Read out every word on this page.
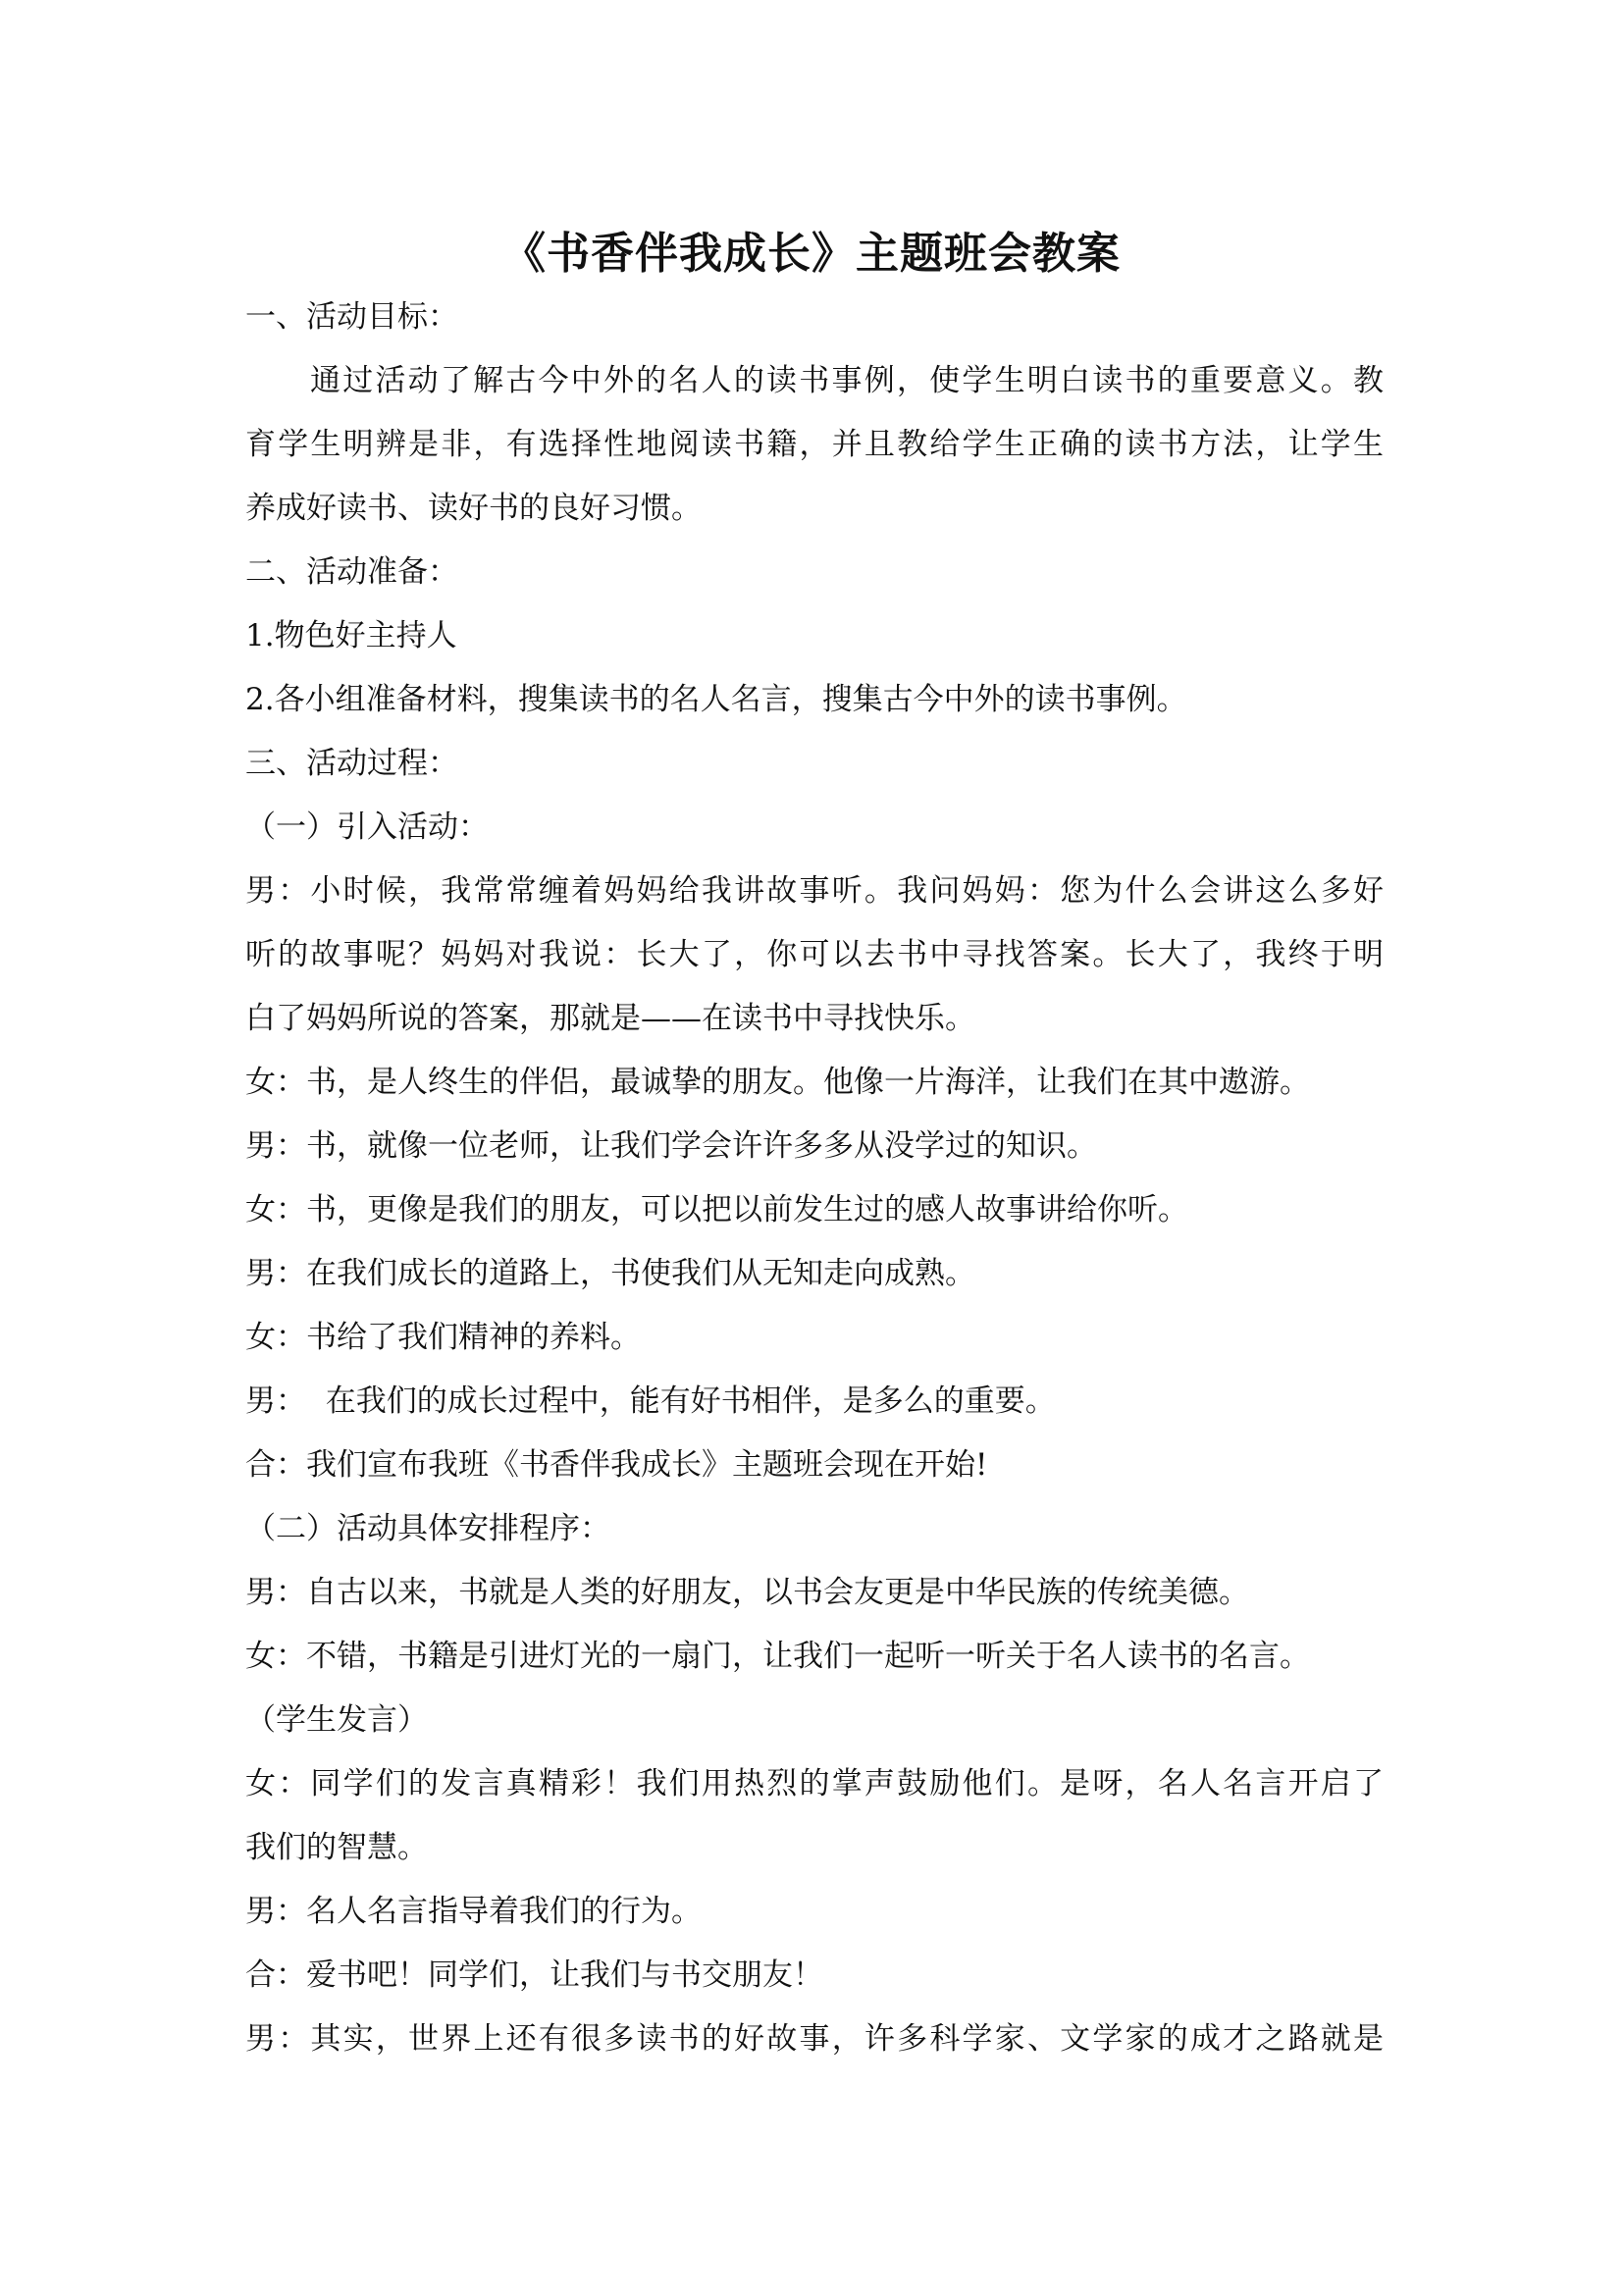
《书香伴我成长》主题班会教案
一、活动目标：
通过活动了解古今中外的名人的读书事例，使学生明白读书的重要意义。教
育学生明辨是非，有选择性地阅读书籍，并且教给学生正确的读书方法，让学生
养成好读书、读好书的良好习惯。
二、活动准备：
1.物色好主持人
2.各小组准备材料，搜集读书的名人名言，搜集古今中外的读书事例。
三、活动过程：
（一）引入活动：
男：小时候，我常常缠着妈妈给我讲故事听。我问妈妈：您为什么会讲这么多好
听的故事呢？妈妈对我说：长大了，你可以去书中寻找答案。长大了，我终于明
白了妈妈所说的答案，那就是——在读书中寻找快乐。
女：书，是人终生的伴侣，最诚挚的朋友。他像一片海洋，让我们在其中遨游。
男：书，就像一位老师，让我们学会许许多多从没学过的知识。
女：书，更像是我们的朋友，可以把以前发生过的感人故事讲给你听。
男：在我们成长的道路上，书使我们从无知走向成熟。
女：书给了我们精神的养料。
男：  在我们的成长过程中，能有好书相伴，是多么的重要。
合：我们宣布我班《书香伴我成长》主题班会现在开始!
（二）活动具体安排程序：
男：自古以来，书就是人类的好朋友，以书会友更是中华民族的传统美德。
女：不错，书籍是引进灯光的一扇门，让我们一起听一听关于名人读书的名言。
（学生发言）
女：同学们的发言真精彩！我们用热烈的掌声鼓励他们。是呀，名人名言开启了
我们的智慧。
男：名人名言指导着我们的行为。
合：爱书吧！同学们，让我们与书交朋友！
男：其实，世界上还有很多读书的好故事，许多科学家、文学家的成才之路就是
